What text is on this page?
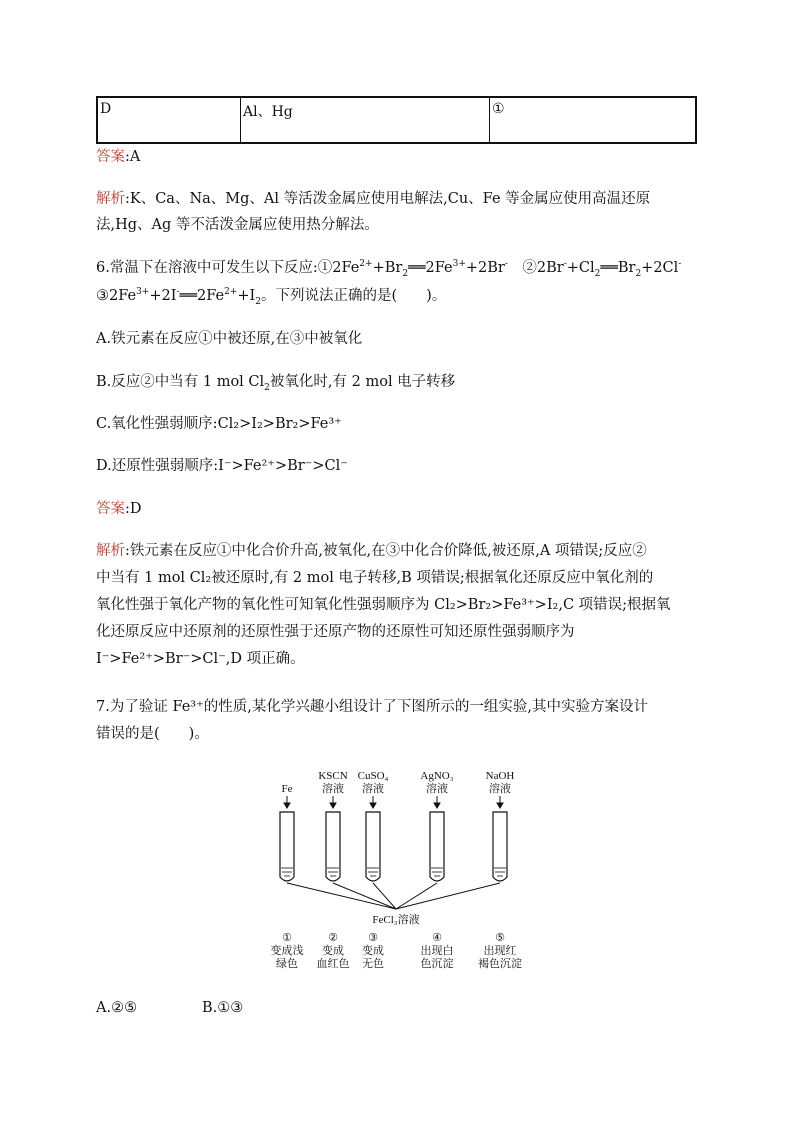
D	Al、Hg	①
答案:A
解析:K、Ca、Na、Mg、Al 等活泼金属应使用电解法,Cu、Fe 等金属应使用高温还原
法,Hg、Ag 等不活泼金属应使用热分解法。
6.常温下在溶液中可发生以下反应$:①2Fe^{2+}+Br_2══2Fe^{3+}+2Br^-$　$②2Br^-+Cl_2══Br_2+2Cl^-$
$③2Fe^{3+}+2I^-══2Fe^{2+}+I_2$。下列说法正确的是(　　)。
A.铁元素在反应①中被还原,在③中被氧化
B.反应②中当有 1 mol $Cl_2$被氧化时,有 2 mol 电子转移
C.氧化性强弱顺序:Cl₂>I₂>Br₂>Fe³⁺
D.还原性强弱顺序:I⁻>Fe²⁺>Br⁻>Cl⁻
答案:D
解析:铁元素在反应①中化合价升高,被氧化,在③中化合价降低,被还原,A 项错误;反应②
中当有 1 mol Cl₂被还原时,有 2 mol 电子转移,B 项错误;根据氧化还原反应中氧化剂的
氧化性强于氧化产物的氧化性可知氧化性强弱顺序为 Cl₂>Br₂>Fe³⁺>I₂,C 项错误;根据氧
化还原反应中还原剂的还原性强于还原产物的还原性可知还原性强弱顺序为
I⁻>Fe²⁺>Br⁻>Cl⁻,D 项正确。
7.为了验证 Fe³⁺的性质,某化学兴趣小组设计了下图所示的一组实验,其中实验方案设计
错误的是(　　)。
Fe
KSCN
溶液
CuSO₄
溶液
AgNO₃
溶液
NaOH
溶液
FeCl₃溶液
①
变成浅
绿色
②
变成
血红色
③
变成
无色
④
出现白
色沉淀
⑤
出现红
褐色沉淀
A.②⑤	B.①③
